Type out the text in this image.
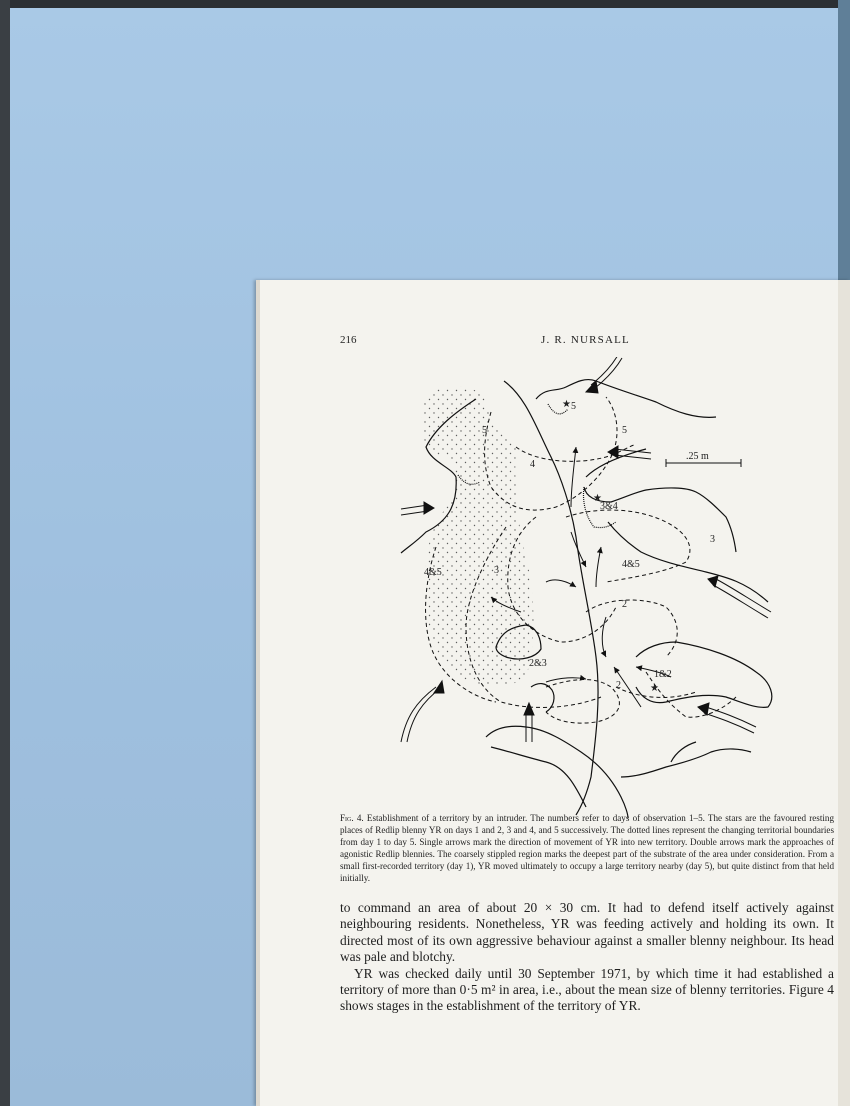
216	J. R. NURSALL
.25 m
★
★
★
5
5	5
4
3&4
4&5	3
4&5
3
2
2&3
1&2
2
Fig. 4. Establishment of a territory by an intruder. The numbers refer to days of observation 1–5. The stars are the favoured resting places of Redlip blenny YR on days 1 and 2, 3 and 4, and 5 successively. The dotted lines represent the changing territorial boundaries from day 1 to day 5. Single arrows mark the direction of movement of YR into new territory. Double arrows mark the approaches of agonistic Redlip blennies. The coarsely stippled region marks the deepest part of the substrate of the area under consideration. From a small first-recorded territory (day 1), YR moved ultimately to occupy a large territory nearby (day 5), but quite distinct from that held initially.

to command an area of about 20 × 30 cm. It had to defend itself actively against neighbouring residents. Nonetheless, YR was feeding actively and holding its own. It directed most of its own aggressive behaviour against a smaller blenny neighbour. Its head was pale and blotchy.

YR was checked daily until 30 September 1971, by which time it had established a territory of more than 0·5 m² in area, i.e., about the mean size of blenny territories. Figure 4 shows stages in the establishment of the territory of YR.
